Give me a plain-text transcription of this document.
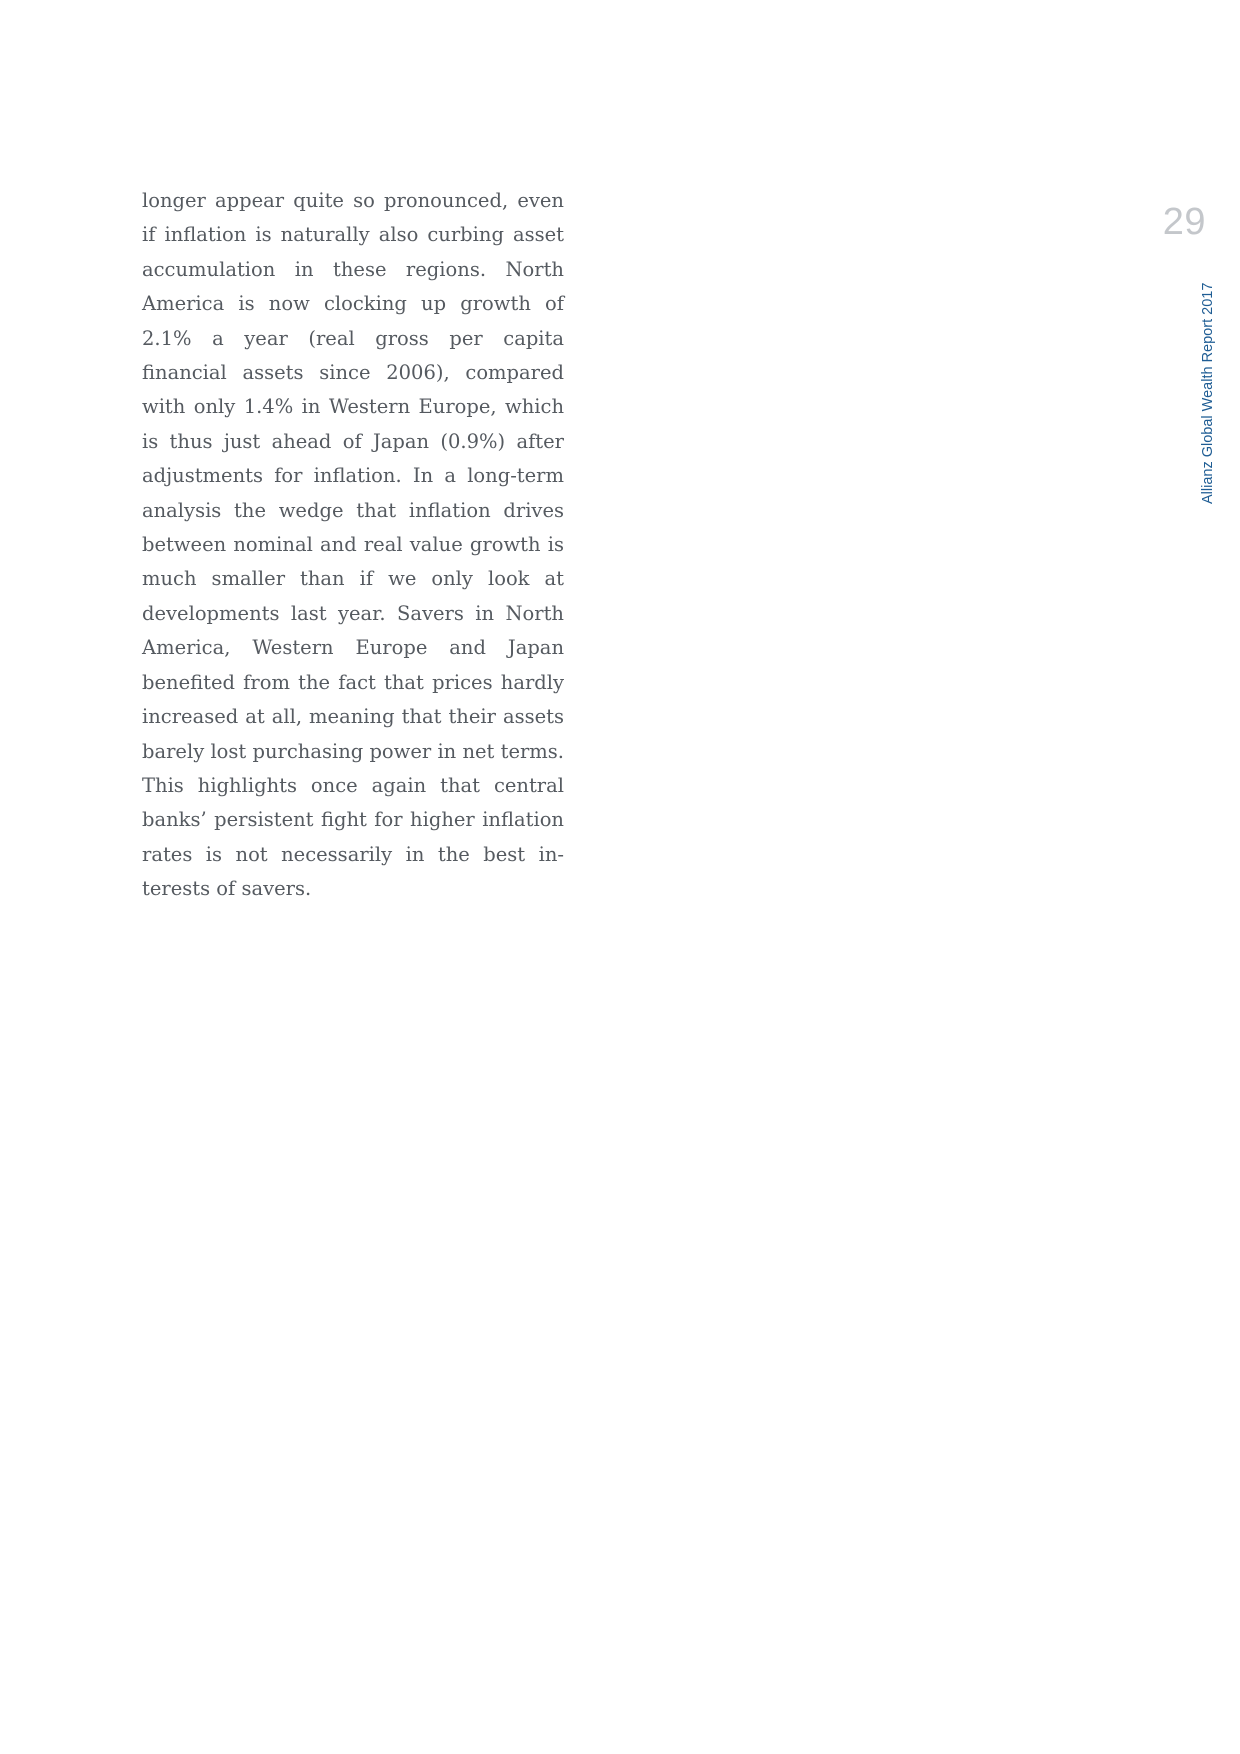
longer appear quite so pronounced, even if inflation is naturally also curbing asset accumulation in these regions. North America is now clocking up growth of 2.1% a year (real gross per capita financial assets since 2006), compared with only 1.4% in Western Europe, which is thus just ahead of Japan (0.9%) after adjustments for inflation. In a long-term analysis the wedge that inflation drives between nominal and real value growth is much smaller than if we only look at developments last year. Savers in North America, Western Europe and Japan benefited from the fact that prices hardly increased at all, meaning that their assets barely lost purchasing power in net terms. This highlights once again that central banks’ persistent fight for higher inflation rates is not necessarily in the best interests of savers.

29
Allianz Global Wealth Report 2017
